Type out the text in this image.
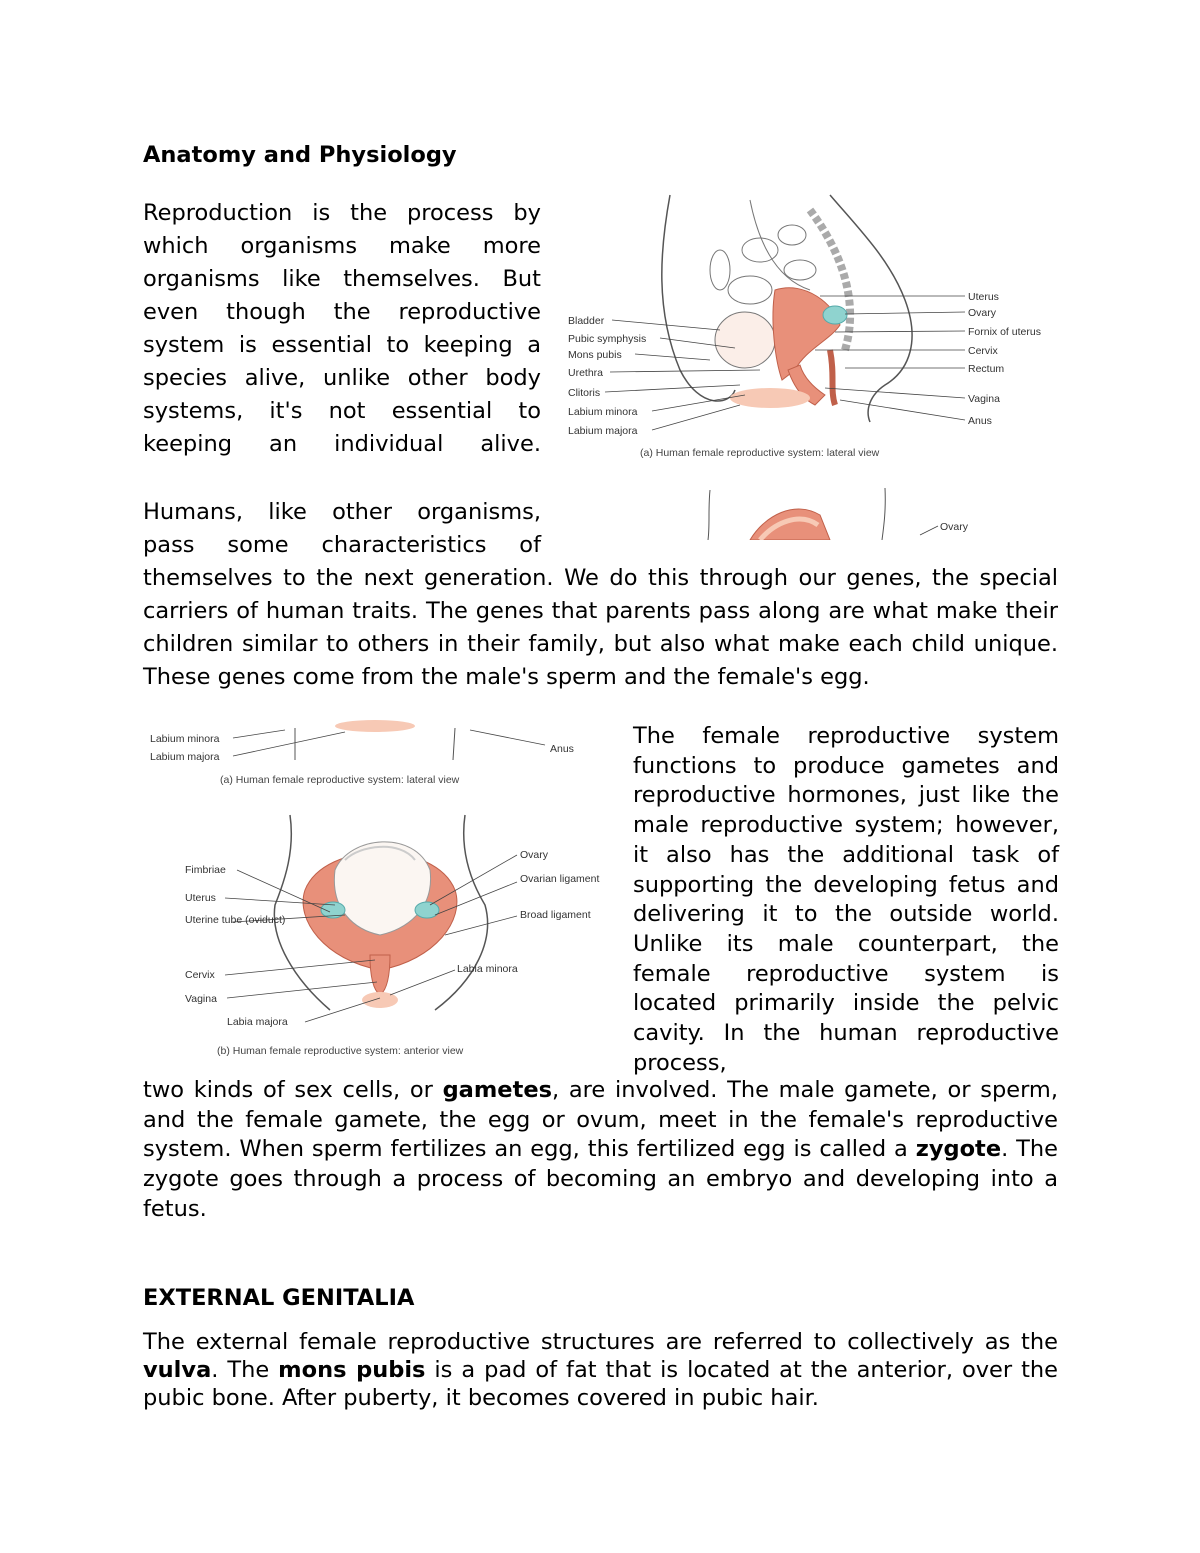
Anatomy and Physiology

Reproduction is the process by which organisms make more organisms like themselves. But even though the reproductive system is essential to keeping a species alive, unlike other body systems, it's not essential to keeping an individual alive.

Humans, like other organisms, pass some characteristics of

themselves to the next generation. We do this through our genes, the special carriers of human traits. The genes that parents pass along are what make their children similar to others in their family, but also what make each child unique. These genes come from the male's sperm and the female's egg.

Bladder
Pubic symphysis
Mons pubis
Urethra
Clitoris
Labium minora
Labium majora
Uterus
Ovary
Fornix of uterus
Cervix
Rectum
Vagina
Anus
(a) Human female reproductive system: lateral view
Ovary
Labium minora
Labium majora
Anus
(a) Human female reproductive system: lateral view
Fimbriae
Uterus
Uterine tube (oviduct)
Cervix
Vagina
Labia majora
Ovary
Ovarian ligament
Broad ligament
Labia minora
(b) Human female reproductive system: anterior view

The female reproductive system functions to produce gametes and reproductive hormones, just like the male reproductive system; however, it also has the additional task of supporting the developing fetus and delivering it to the outside world. Unlike its male counterpart, the female reproductive system is located primarily inside the pelvic cavity. In the human reproductive process,

two kinds of sex cells, or gametes, are involved. The male gamete, or sperm, and the female gamete, the egg or ovum, meet in the female's reproductive system. When sperm fertilizes an egg, this fertilized egg is called a zygote. The zygote goes through a process of becoming an embryo and developing into a fetus.

EXTERNAL GENITALIA

The external female reproductive structures are referred to collectively as the vulva. The mons pubis is a pad of fat that is located at the anterior, over the pubic bone. After puberty, it becomes covered in pubic hair.
